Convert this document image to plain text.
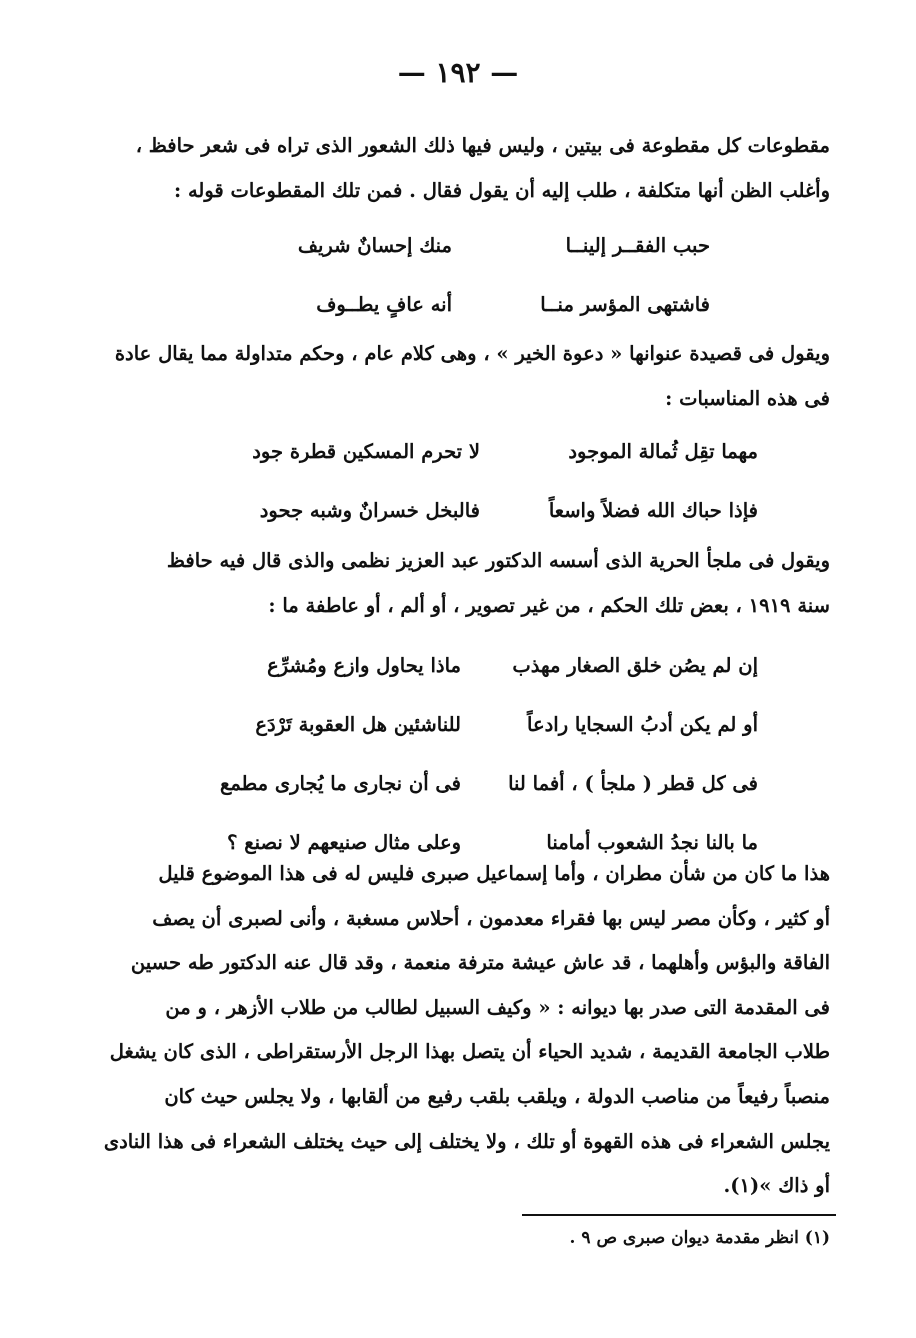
— ١٩٢ —
مقطوعات كل مقطوعة فى بيتين ، وليس فيها ذلك الشعور الذى تراه فى شعر حافظ ،
وأغلب الظن أنها متكلفة ، طلب إليه أن يقول فقال . فمن تلك المقطوعات قوله :
حبب الفقــر إلينــا
منك إحسانٌ شريف
فاشتهى المؤسر منــا
أنه عافٍ يطــوف
ويقول فى قصيدة عنوانها « دعوة الخير » ، وهى كلام عام ، وحكم متداولة مما يقال عادة
فى هذه المناسبات :
مهما تقِل ثُمالة الموجود
لا تحرم المسكين قطرة جود
فإذا حباك الله فضلاً واسعاً
فالبخل خسرانٌ وشبه جحود
ويقول فى ملجأ الحرية الذى أسسه الدكتور عبد العزيز نظمى والذى قال فيه حافظ
سنة ١٩١٩ ، بعض تلك الحكم ، من غير تصوير ، أو ألم ، أو عاطفة ما :
إن لم يصُن خلق الصغار مهذب
ماذا يحاول وازع ومُشرِّع
أو لم يكن أدبُ السجايا رادعاً
للناشئين هل العقوبة تَرْدَع
فى كل قطر ( ملجأ ) ، أفما لنا
فى أن نجارى ما يُجارى مطمع
ما بالنا نجدُ الشعوب أمامنا
وعلى مثال صنيعهم لا نصنع ؟
هذا ما كان من شأن مطران ، وأما إسماعيل صبرى فليس له فى هذا الموضوع قليل
أو كثير ، وكأن مصر ليس بها فقراء معدمون ، أحلاس مسغبة ، وأنى لصبرى أن يصف
الفاقة والبؤس وأهلهما ، قد عاش عيشة مترفة منعمة ، وقد قال عنه الدكتور طه حسين
فى المقدمة التى صدر بها ديوانه : « وكيف السبيل لطالب من طلاب الأزهر ، و من
طلاب الجامعة القديمة ، شديد الحياء أن يتصل بهذا الرجل الأرستقراطى ، الذى كان يشغل
منصباً رفيعاً من مناصب الدولة ، ويلقب بلقب رفيع من ألقابها ، ولا يجلس حيث كان
يجلس الشعراء فى هذه القهوة أو تلك ، ولا يختلف إلى حيث يختلف الشعراء فى هذا النادى
أو ذاك »(١).
(١) انظر مقدمة ديوان صبرى ص ٩ .
